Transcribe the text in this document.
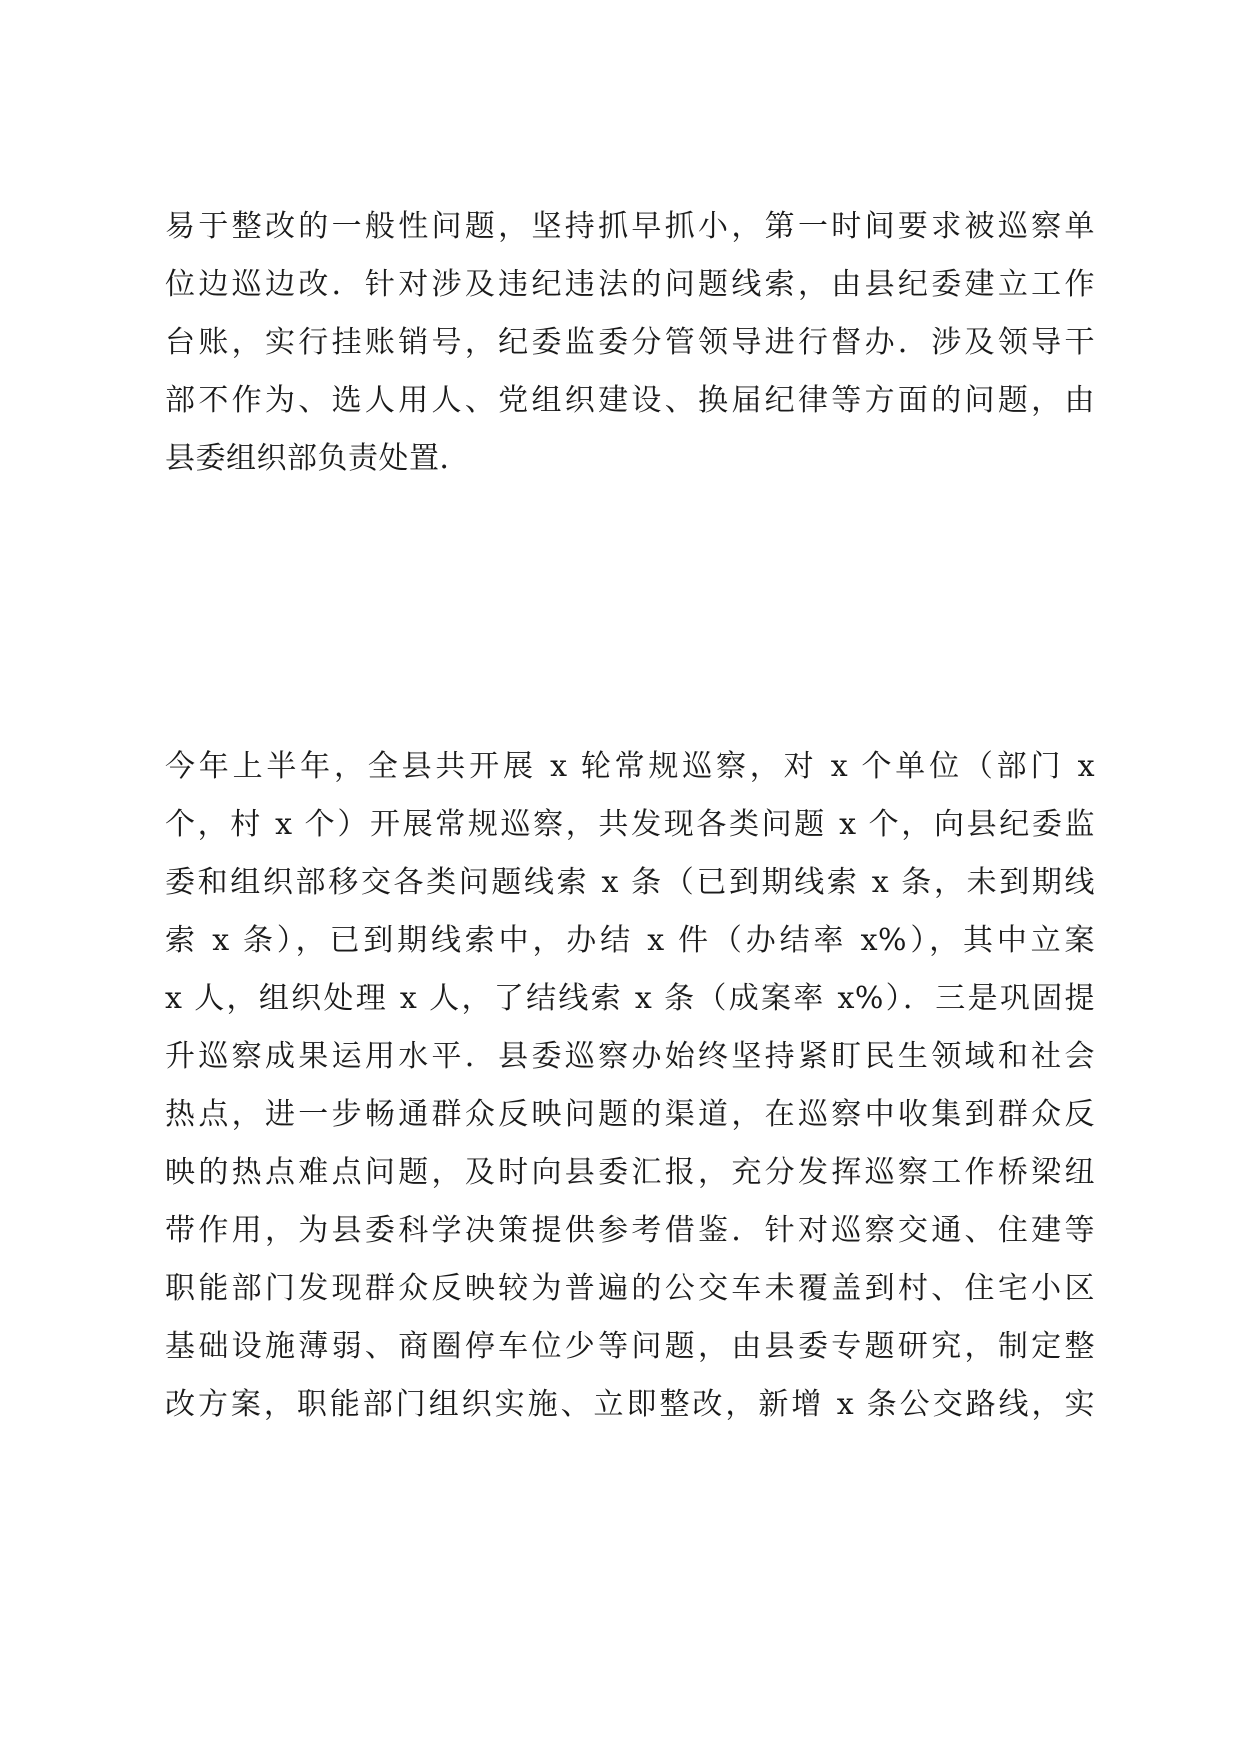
易于整改的一般性问题，坚持抓早抓小，第一时间要求被巡察单
位边巡边改．针对涉及违纪违法的问题线索，由县纪委建立工作
台账，实行挂账销号，纪委监委分管领导进行督办．涉及领导干
部不作为、选人用人、党组织建设、换届纪律等方面的问题，由
县委组织部负责处置．
今年上半年，全县共开展 x 轮常规巡察，对 x 个单位（部门 x
个，村 x 个）开展常规巡察，共发现各类问题 x 个，向县纪委监
委和组织部移交各类问题线索 x 条（已到期线索 x 条，未到期线
索 x 条），已到期线索中，办结 x 件（办结率 x%），其中立案
x 人，组织处理 x 人，了结线索 x 条（成案率 x%）．三是巩固提
升巡察成果运用水平．县委巡察办始终坚持紧盯民生领域和社会
热点，进一步畅通群众反映问题的渠道，在巡察中收集到群众反
映的热点难点问题，及时向县委汇报，充分发挥巡察工作桥梁纽
带作用，为县委科学决策提供参考借鉴．针对巡察交通、住建等
职能部门发现群众反映较为普遍的公交车未覆盖到村、住宅小区
基础设施薄弱、商圈停车位少等问题，由县委专题研究，制定整
改方案，职能部门组织实施、立即整改，新增 x 条公交路线，实
